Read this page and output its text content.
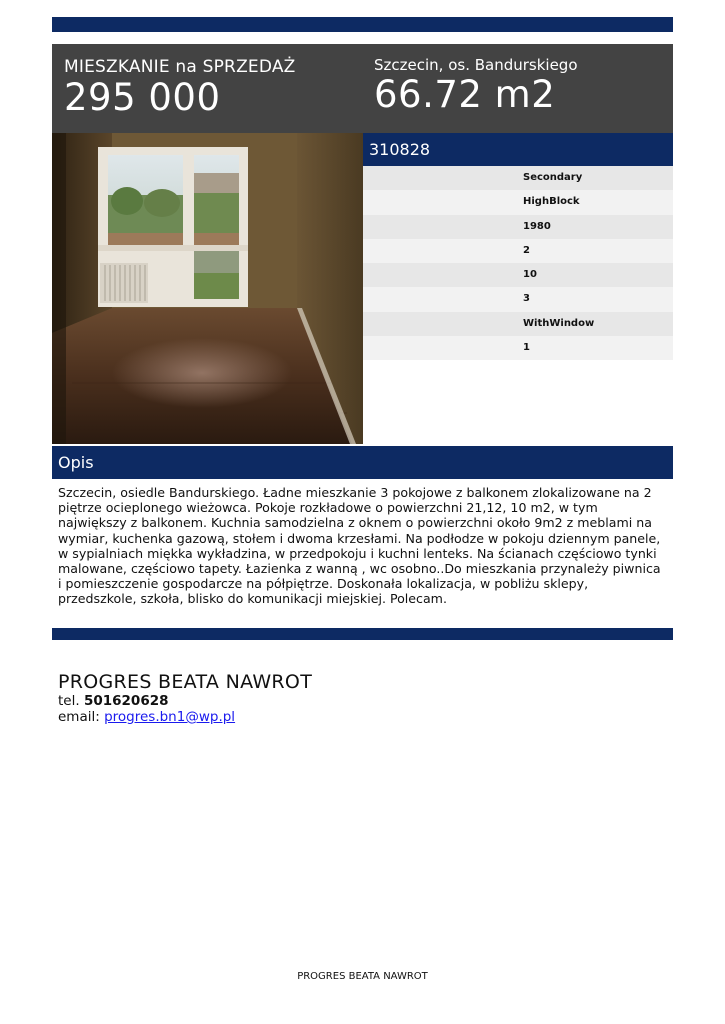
MIESZKANIE na SPRZEDAŻ
295 000
Szczecin, os. Bandurskiego
66.72 m2
310828
Secondary
HighBlock
1980
2
10
3
WithWindow
1
Opis
Szczecin, osiedle Bandurskiego. Ładne mieszkanie 3 pokojowe z balkonem zlokalizowane na 2 piętrze ocieplonego wieżowca. Pokoje rozkładowe o powierzchni 21,12, 10 m2, w tym największy z balkonem. Kuchnia samodzielna z oknem o powierzchni około 9m2 z meblami na wymiar, kuchenka gazową, stołem i dwoma krzesłami. Na podłodze w pokoju dziennym panele, w sypialniach miękka wykładzina, w przedpokoju i kuchni lenteks. Na ścianach częściowo tynki malowane, częściowo tapety. Łazienka z wanną , wc osobno..Do mieszkania przynależy piwnica i pomieszczenie gospodarcze na półpiętrze. Doskonała lokalizacja, w pobliżu sklepy, przedszkole, szkoła, blisko do komunikacji miejskiej. Polecam.
PROGRES BEATA NAWROT
tel. 501620628
email: progres.bn1@wp.pl
PROGRES BEATA NAWROT
